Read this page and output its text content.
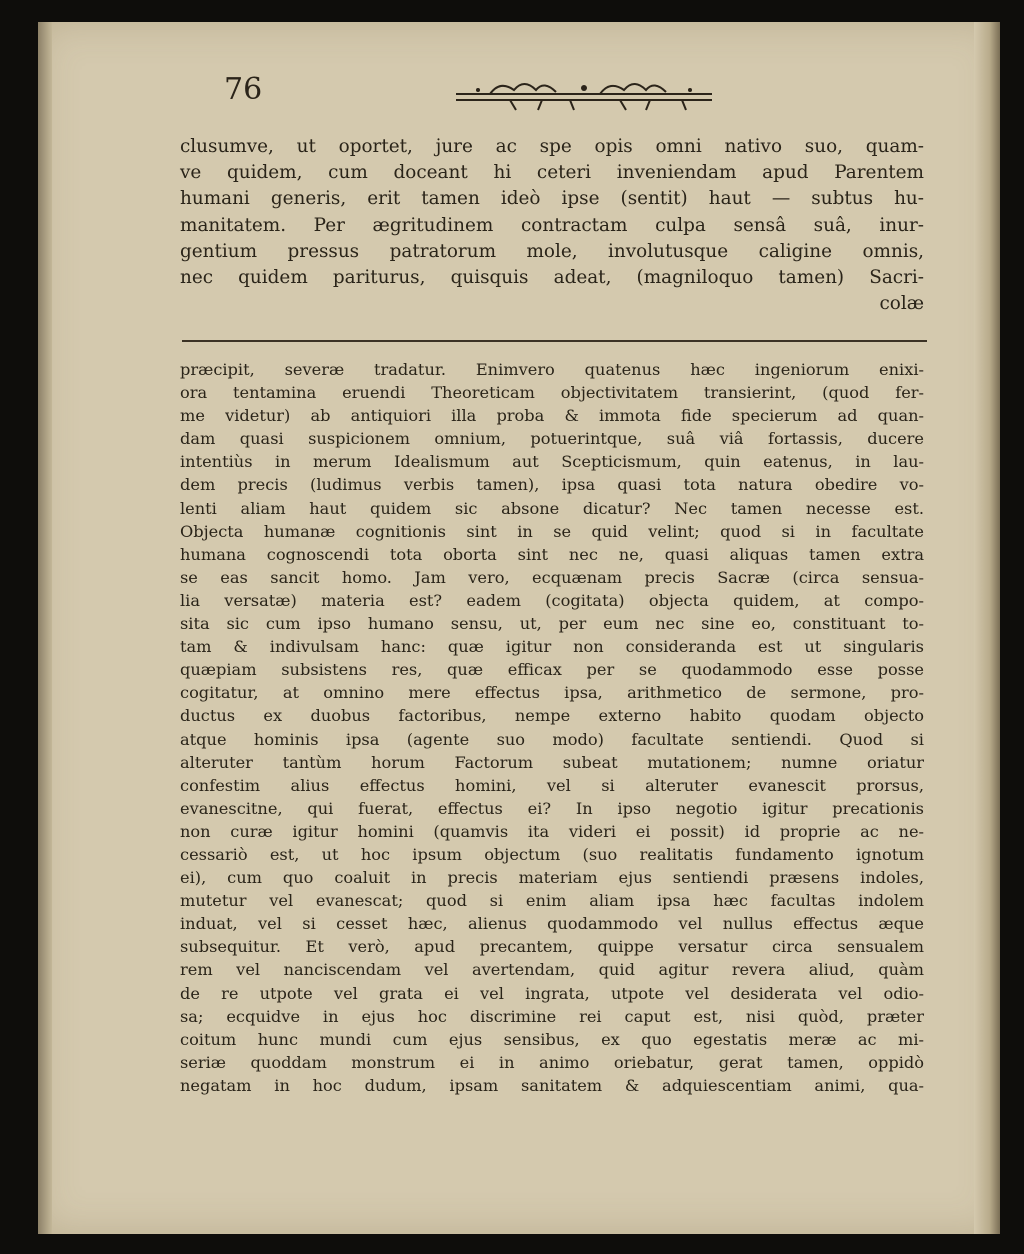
76

clusumve, ut oportet, jure ac spe opis omni nativo suo, quam-
ve quidem, cum doceant hi ceteri inveniendam apud Parentem
humani generis, erit tamen ideò ipse (sentit) haut — subtus hu-
manitatem. Per ægritudinem contractam culpa sensâ suâ, inur-
gentium pressus patratorum mole, involutusque caligine omnis,
nec quidem pariturus, quisquis adeat, (magniloquo tamen) Sacri-
colæ
præcipit, severæ tradatur. Enimvero quatenus hæc ingeniorum enixi-
ora tentamina eruendi Theoreticam objectivitatem transierint, (quod fer-
me videtur) ab antiquiori illa proba & immota fide specierum ad quan-
dam quasi suspicionem omnium, potuerintque, suâ viâ fortassis, ducere
intentiùs in merum Idealismum aut Scepticismum, quin eatenus, in lau-
dem precis (ludimus verbis tamen), ipsa quasi tota natura obedire vo-
lenti aliam haut quidem sic absone dicatur? Nec tamen necesse est.
Objecta humanæ cognitionis sint in se quid velint; quod si in facultate
humana cognoscendi tota oborta sint nec ne, quasi aliquas tamen extra
se eas sancit homo. Jam vero, ecquænam precis Sacræ (circa sensua-
lia versatæ) materia est? eadem (cogitata) objecta quidem, at compo-
sita sic cum ipso humano sensu, ut, per eum nec sine eo, constituant to-
tam & indivulsam hanc: quæ igitur non consideranda est ut singularis
quæpiam subsistens res, quæ efficax per se quodammodo esse posse
cogitatur, at omnino mere effectus ipsa, arithmetico de sermone, pro-
ductus ex duobus factoribus, nempe externo habito quodam objecto
atque hominis ipsa (agente suo modo) facultate sentiendi. Quod si
alteruter tantùm horum Factorum subeat mutationem; numne oriatur
confestim alius effectus homini, vel si alteruter evanescit prorsus,
evanescitne, qui fuerat, effectus ei? In ipso negotio igitur precationis
non curæ igitur homini (quamvis ita videri ei possit) id proprie ac ne-
cessariò est, ut hoc ipsum objectum (suo realitatis fundamento ignotum
ei), cum quo coaluit in precis materiam ejus sentiendi præsens indoles,
mutetur vel evanescat; quod si enim aliam ipsa hæc facultas indolem
induat, vel si cesset hæc, alienus quodammodo vel nullus effectus æque
subsequitur. Et verò, apud precantem, quippe versatur circa sensualem
rem vel nanciscendam vel avertendam, quid agitur revera aliud, quàm
de re utpote vel grata ei vel ingrata, utpote vel desiderata vel odio-
sa; ecquidve in ejus hoc discrimine rei caput est, nisi quòd, præter
coitum hunc mundi cum ejus sensibus, ex quo egestatis meræ ac mi-
seriæ quoddam monstrum ei in animo oriebatur, gerat tamen, oppidò
negatam in hoc dudum, ipsam sanitatem & adquiescentiam animi, qua-
